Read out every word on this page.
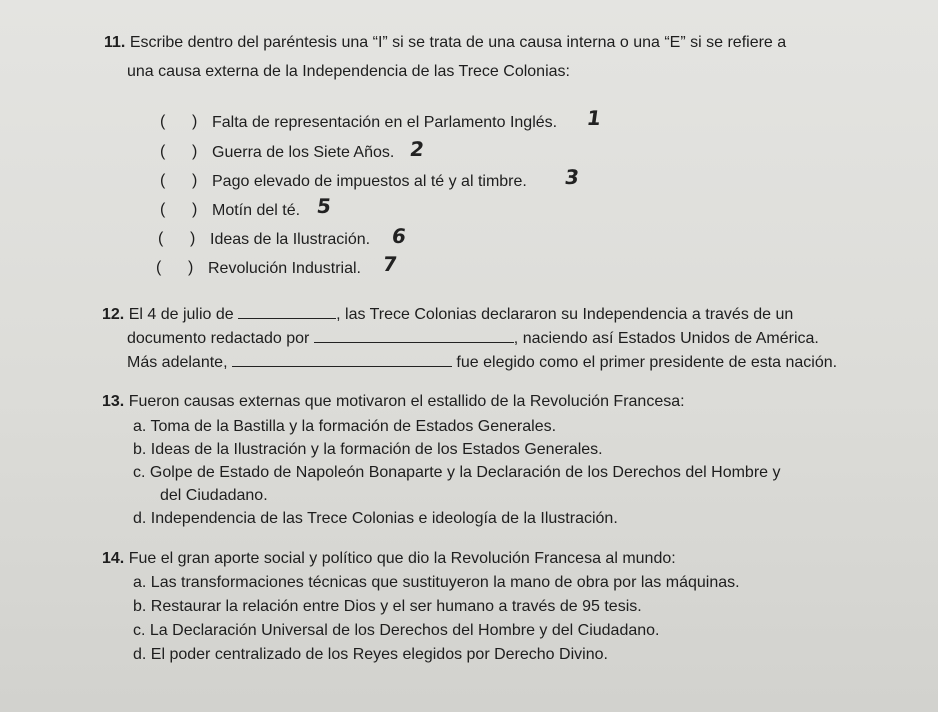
11. Escribe dentro del paréntesis una “I” si se trata de una causa interna o una “E” si se refiere a
una causa externa de la Independencia de las Trece Colonias:
(      ) Falta de representación en el Parlamento Inglés. 1
(      ) Guerra de los Siete Años. 2
(      ) Pago elevado de impuestos al té y al timbre. 3
(      ) Motín del té. 5
(      ) Ideas de la Ilustración. 6
(      ) Revolución Industrial. 7
12. El 4 de julio de	, las Trece Colonias declararon su Independencia a través de un
documento redactado por	, naciendo así Estados Unidos de América.
Más adelante,	fue elegido como el primer presidente de esta nación.
13. Fueron causas externas que motivaron el estallido de la Revolución Francesa:
a. Toma de la Bastilla y la formación de Estados Generales.
b. Ideas de la Ilustración y la formación de los Estados Generales.
c. Golpe de Estado de Napoleón Bonaparte y la Declaración de los Derechos del Hombre y
del Ciudadano.
d. Independencia de las Trece Colonias e ideología de la Ilustración.
14. Fue el gran aporte social y político que dio la Revolución Francesa al mundo:
a. Las transformaciones técnicas que sustituyeron la mano de obra por las máquinas.
b. Restaurar la relación entre Dios y el ser humano a través de 95 tesis.
c. La Declaración Universal de los Derechos del Hombre y del Ciudadano.
d. El poder centralizado de los Reyes elegidos por Derecho Divino.
